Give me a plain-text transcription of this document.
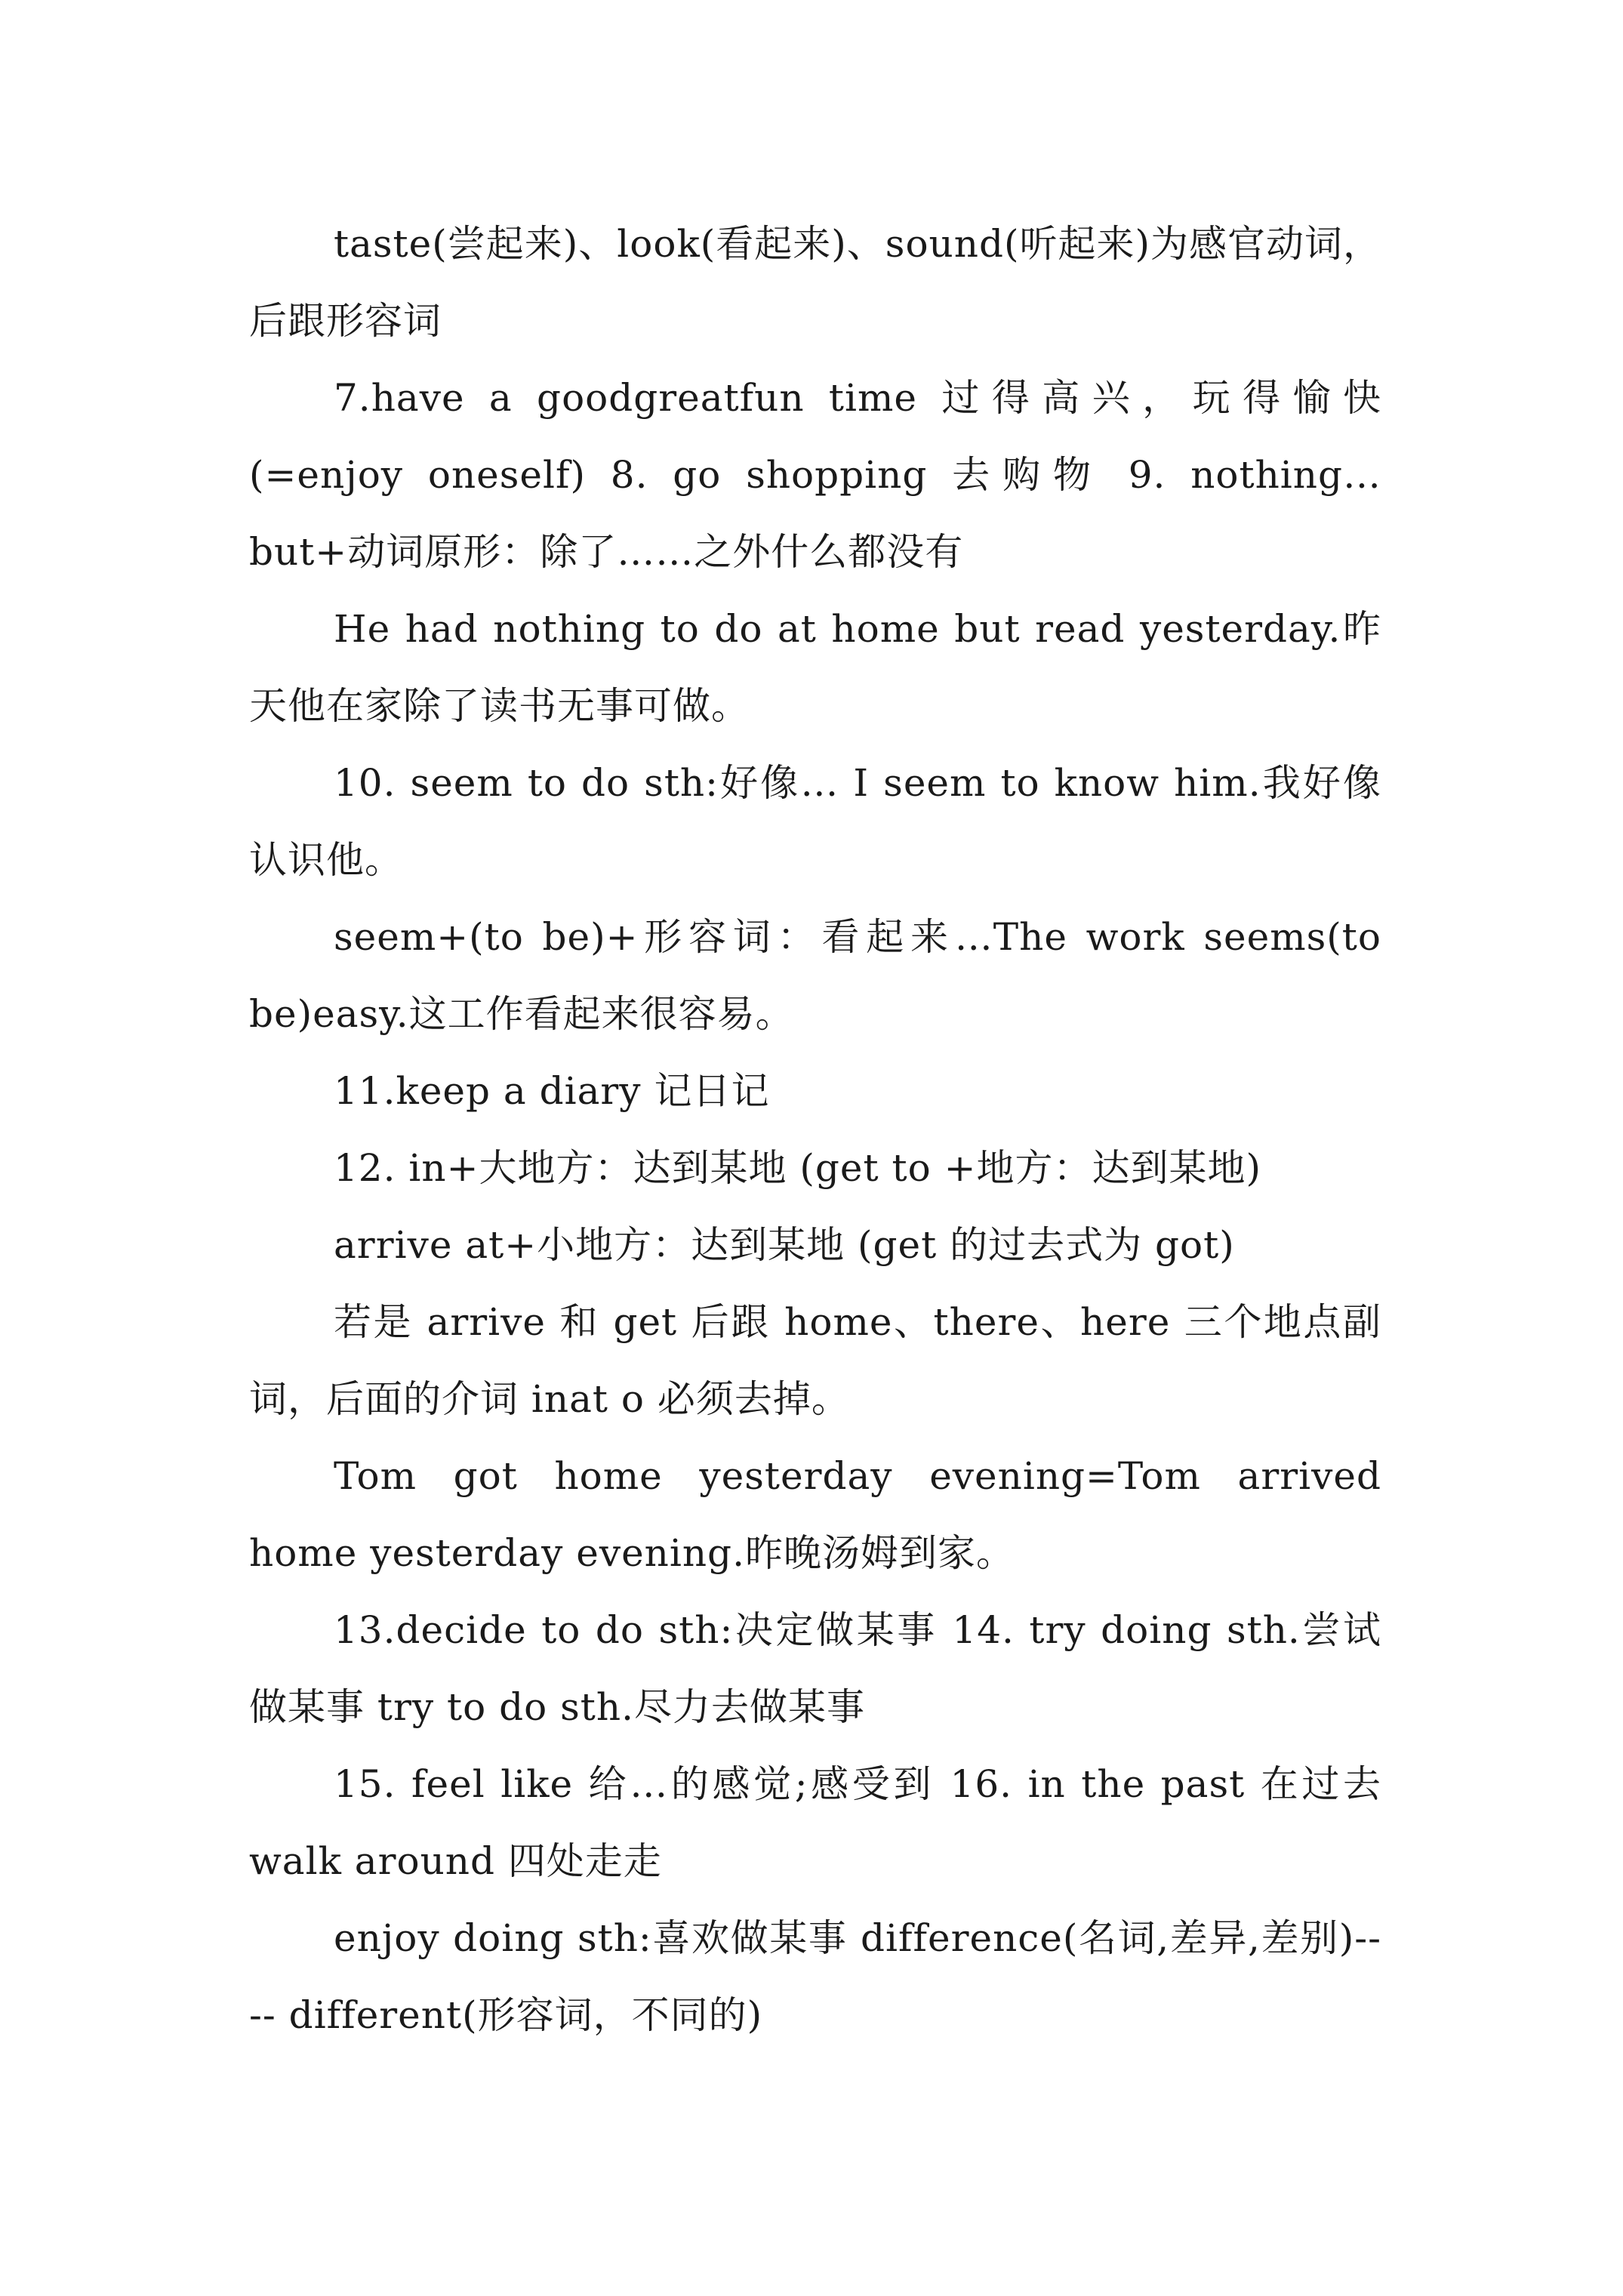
taste(尝起来)、look(看起来)、sound(听起来)为感官动词，后跟形容词

7.have a goodgreatfun time 过得高兴，玩得愉快(=enjoy oneself) 8. go shopping 去购物 9. nothing…but+动词原形：除了……之外什么都没有

He had nothing to do at home but read yesterday.昨天他在家除了读书无事可做。

10. seem to do sth:好像… I seem to know him.我好像认识他。

seem+(to be)+形容词：看起来…The work seems(to be)easy.这工作看起来很容易。

11.keep a diary 记日记

12. in+大地方：达到某地 (get to +地方：达到某地)

arrive at+小地方：达到某地 (get 的过去式为 got)

若是 arrive 和 get 后跟 home、there、here 三个地点副词，后面的介词 inat o 必须去掉。

Tom got home yesterday evening=Tom arrived home yesterday evening.昨晚汤姆到家。

13.decide to do sth:决定做某事 14. try doing sth.尝试做某事 try to do sth.尽力去做某事

15. feel like 给…的感觉;感受到 16. in the past 在过去 walk around 四处走走

enjoy doing sth:喜欢做某事 difference(名词,差异,差别)---- different(形容词，不同的)
